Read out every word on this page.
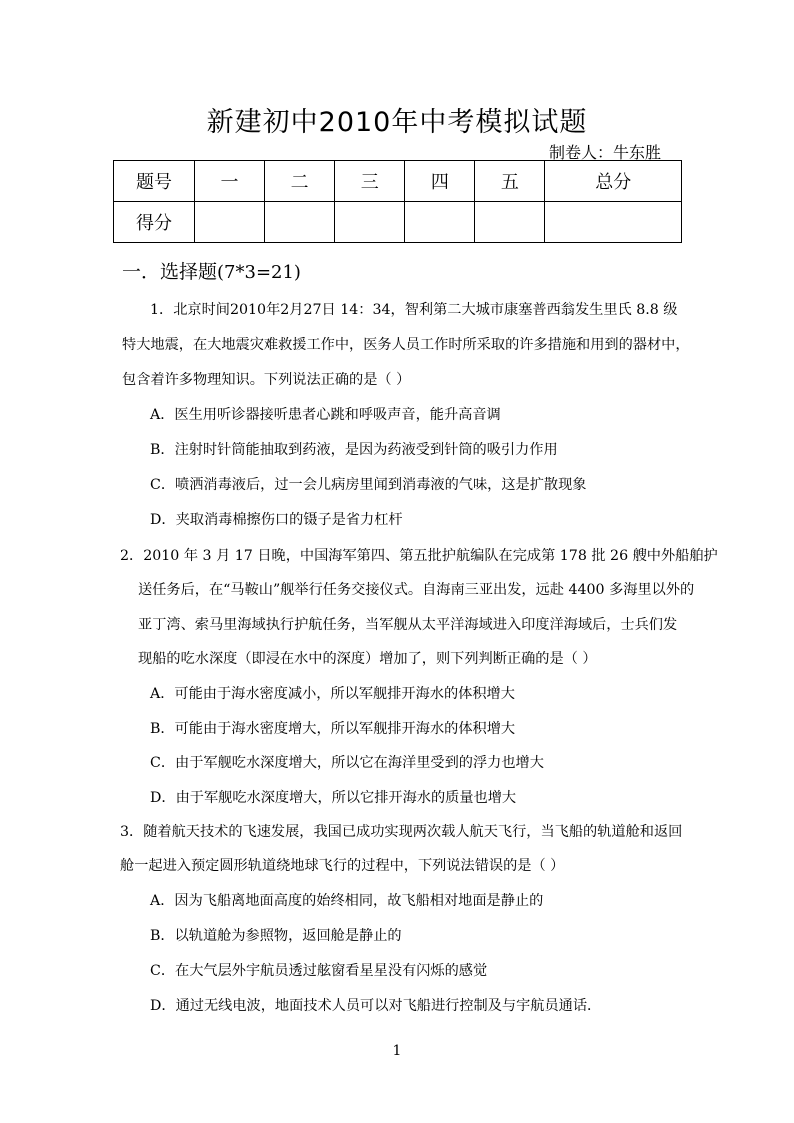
新建初中2010年中考模拟试题
制卷人：牛东胜
题号	一	二	三	四	五	总分
得分						
一．选择题(7*3=21)
1．北京时间2010年2月27日 14：34，智利第二大城市康塞普西翁发生里氏 8.8 级
特大地震，在大地震灾难救援工作中，医务人员工作时所采取的许多措施和用到的器材中，
包含着许多物理知识。下列说法正确的是（ ）
A．医生用听诊器接听患者心跳和呼吸声音，能升高音调
B．注射时针筒能抽取到药液，是因为药液受到针筒的吸引力作用
C．喷洒消毒液后，过一会儿病房里闻到消毒液的气味，这是扩散现象
D．夹取消毒棉擦伤口的镊子是省力杠杆
2．2010 年 3 月 17 日晚，中国海军第四、第五批护航编队在完成第 178 批 26 艘中外船舶护
送任务后，在“马鞍山”舰举行任务交接仪式。自海南三亚出发，远赴 4400 多海里以外的
亚丁湾、索马里海域执行护航任务，当军舰从太平洋海域进入印度洋海域后，士兵们发
现船的吃水深度（即浸在水中的深度）增加了，则下列判断正确的是（ ）
A．可能由于海水密度减小，所以军舰排开海水的体积增大
B．可能由于海水密度增大，所以军舰排开海水的体积增大
C．由于军舰吃水深度增大，所以它在海洋里受到的浮力也增大
D．由于军舰吃水深度增大，所以它排开海水的质量也增大
3．随着航天技术的飞速发展，我国已成功实现两次载人航天飞行，当飞船的轨道舱和返回
舱一起进入预定圆形轨道绕地球飞行的过程中，下列说法错误的是（ ）
A．因为飞船离地面高度的始终相同，故飞船相对地面是静止的
B．以轨道舱为参照物，返回舱是静止的
C．在大气层外宇航员透过舷窗看星星没有闪烁的感觉
D．通过无线电波，地面技术人员可以对飞船进行控制及与宇航员通话．
1
